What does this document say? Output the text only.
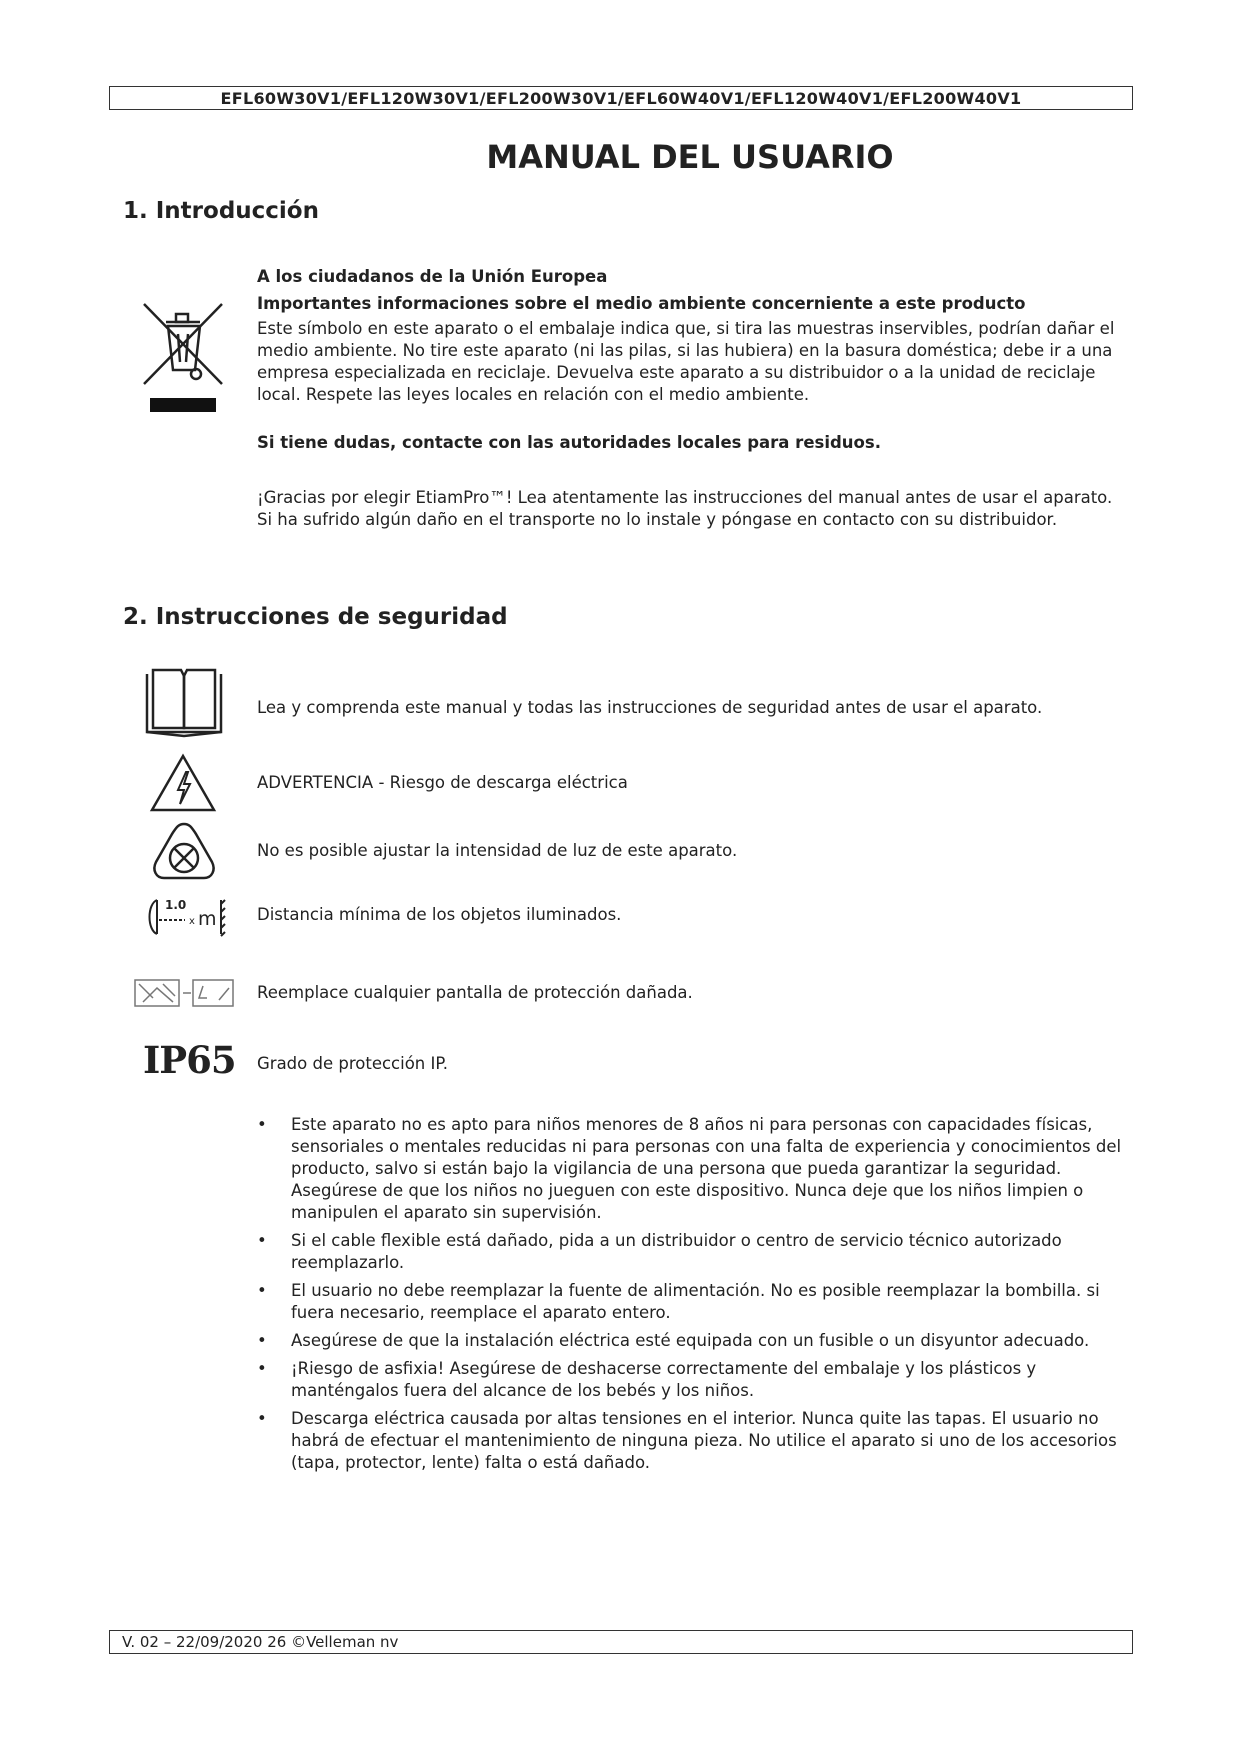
EFL60W30V1/EFL120W30V1/EFL200W30V1/EFL60W40V1/EFL120W40V1/EFL200W40V1
MANUAL DEL USUARIO
1. Introducción

A los ciudadanos de la Unión Europea

Importantes informaciones sobre el medio ambiente concerniente a este producto

Este símbolo en este aparato o el embalaje indica que, si tira las muestras inservibles, podrían dañar el medio ambiente. No tire este aparato (ni las pilas, si las hubiera) en la basura doméstica; debe ir a una empresa especializada en reciclaje. Devuelva este aparato a su distribuidor o a la unidad de reciclaje local. Respete las leyes locales en relación con el medio ambiente.

Si tiene dudas, contacte con las autoridades locales para residuos.

¡Gracias por elegir EtiamPro™! Lea atentamente las instrucciones del manual antes de usar el aparato. Si ha sufrido algún daño en el transporte no lo instale y póngase en contacto con su distribuidor.

2. Instrucciones de seguridad

Lea y comprenda este manual y todas las instrucciones de seguridad antes de usar el aparato.

ADVERTENCIA - Riesgo de descarga eléctrica

No es posible ajustar la intensidad de luz de este aparato.

1.0
x m Distancia mínima de los objetos iluminados.

Reemplace cualquier pantalla de protección dañada.

IP65 Grado de protección IP.

• Este aparato no es apto para niños menores de 8 años ni para personas con capacidades físicas, sensoriales o mentales reducidas ni para personas con una falta de experiencia y conocimientos del producto, salvo si están bajo la vigilancia de una persona que pueda garantizar la seguridad. Asegúrese de que los niños no jueguen con este dispositivo. Nunca deje que los niños limpien o manipulen el aparato sin supervisión.
• Si el cable flexible está dañado, pida a un distribuidor o centro de servicio técnico autorizado reemplazarlo.
• El usuario no debe reemplazar la fuente de alimentación. No es posible reemplazar la bombilla. si fuera necesario, reemplace el aparato entero.
• Asegúrese de que la instalación eléctrica esté equipada con un fusible o un disyuntor adecuado.
• ¡Riesgo de asfixia! Asegúrese de deshacerse correctamente del embalaje y los plásticos y manténgalos fuera del alcance de los bebés y los niños.
• Descarga eléctrica causada por altas tensiones en el interior. Nunca quite las tapas. El usuario no habrá de efectuar el mantenimiento de ninguna pieza. No utilice el aparato si uno de los accesorios (tapa, protector, lente) falta o está dañado.
V. 02 – 22/09/2020 26 ©Velleman nv
